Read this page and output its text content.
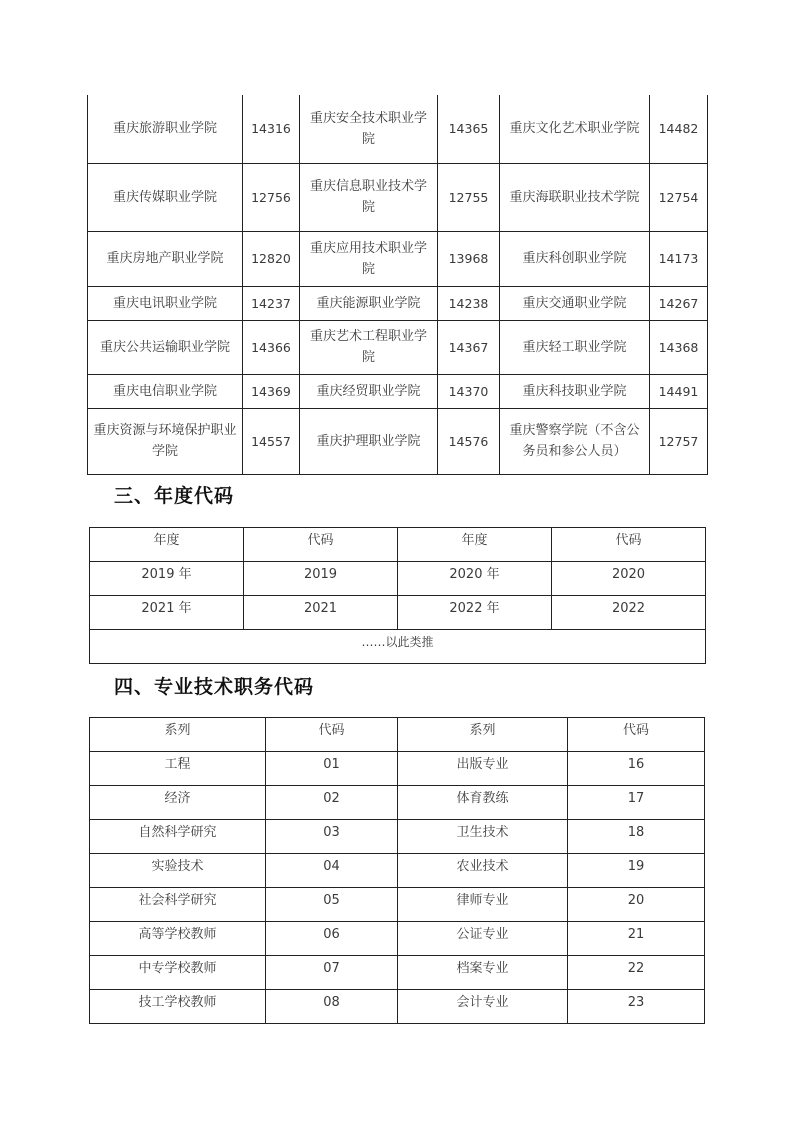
重庆旅游职业学院	14316	重庆安全技术职业学院	14365	重庆文化艺术职业学院	14482
重庆传媒职业学院	12756	重庆信息职业技术学院	12755	重庆海联职业技术学院	12754
重庆房地产职业学院	12820	重庆应用技术职业学院	13968	重庆科创职业学院	14173
重庆电讯职业学院	14237	重庆能源职业学院	14238	重庆交通职业学院	14267
重庆公共运输职业学院	14366	重庆艺术工程职业学院	14367	重庆轻工职业学院	14368
重庆电信职业学院	14369	重庆经贸职业学院	14370	重庆科技职业学院	14491
重庆资源与环境保护职业学院	14557	重庆护理职业学院	14576	重庆警察学院（不含公务员和参公人员）	12757
三、年度代码
年度	代码	年度	代码
2019 年	2019	2020 年	2020
2021 年	2021	2022 年	2022
……以此类推			
四、专业技术职务代码
系列	代码	系列	代码
工程	01	出版专业	16
经济	02	体育教练	17
自然科学研究	03	卫生技术	18
实验技术	04	农业技术	19
社会科学研究	05	律师专业	20
高等学校教师	06	公证专业	21
中专学校教师	07	档案专业	22
技工学校教师	08	会计专业	23
